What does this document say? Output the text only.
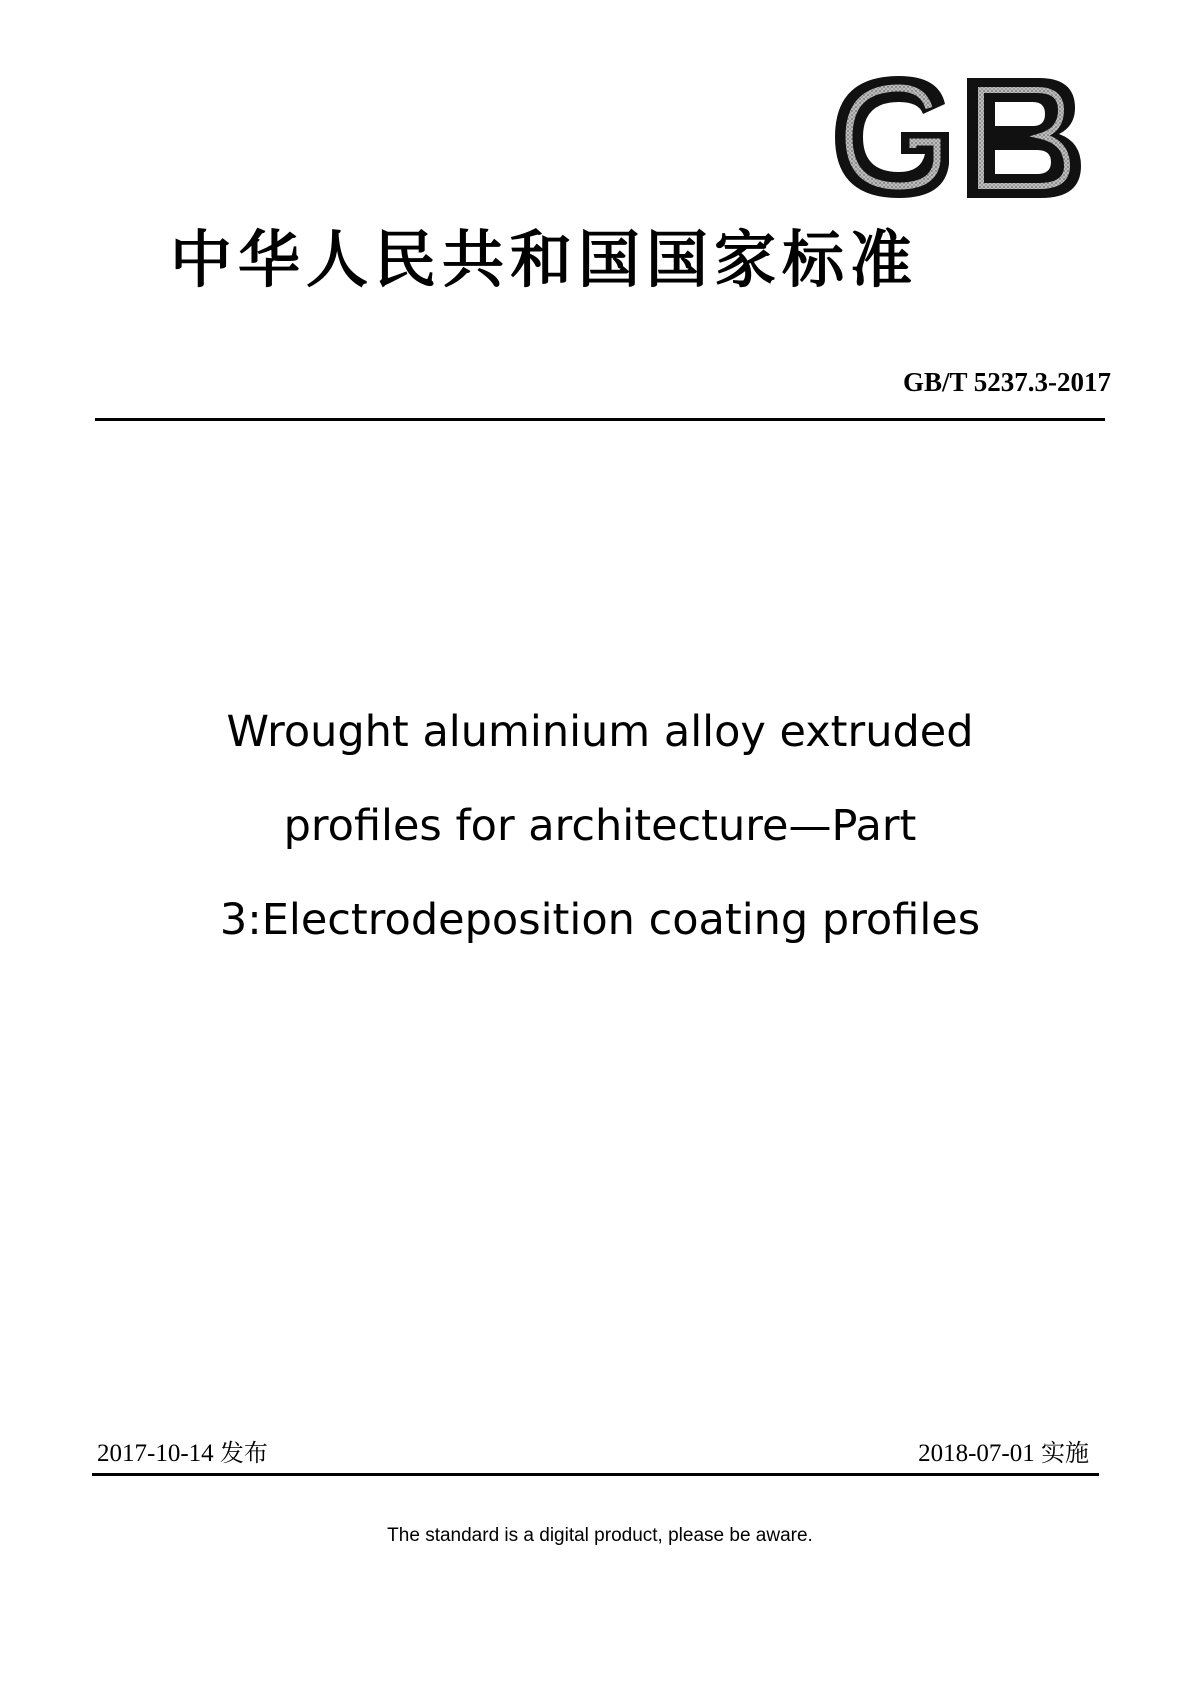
中华人民共和国国家标准
GB/T 5237.3-2017
Wrought aluminium alloy extruded
profiles for architecture—Part
3:Electrodeposition coating profiles
2017-10-14 发布	2018-07-01 实施
The standard is a digital product, please be aware.
